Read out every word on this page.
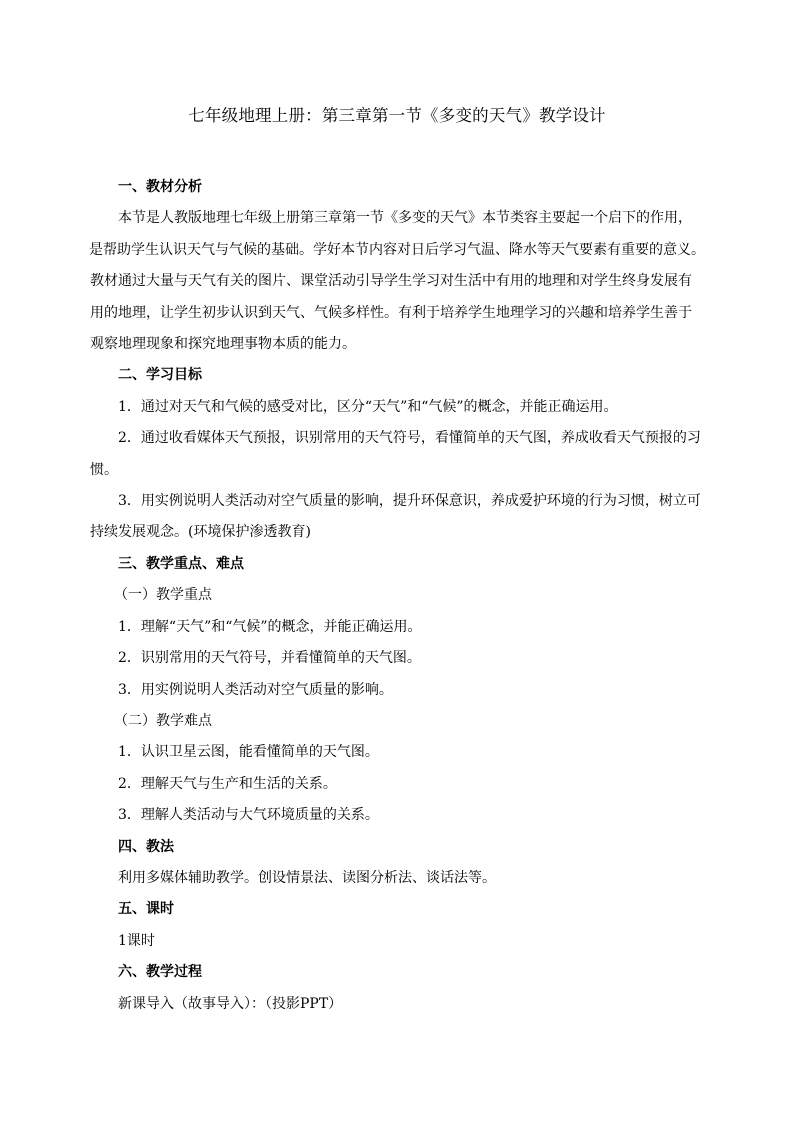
七年级地理上册：第三章第一节《多变的天气》教学设计

一、教材分析

本节是人教版地理七年级上册第三章第一节《多变的天气》本节类容主要起一个启下的作用，

是帮助学生认识天气与气候的基础。学好本节内容对日后学习气温、降水等天气要素有重要的意义。

教材通过大量与天气有关的图片、课堂活动引导学生学习对生活中有用的地理和对学生终身发展有

用的地理，让学生初步认识到天气、气候多样性。有利于培养学生地理学习的兴趣和培养学生善于

观察地理现象和探究地理事物本质的能力。

二、学习目标

1．通过对天气和气候的感受对比，区分“天气”和“气候”的概念，并能正确运用。

2．通过收看媒体天气预报，识别常用的天气符号，看懂简单的天气图，养成收看天气预报的习

惯。

3．用实例说明人类活动对空气质量的影响，提升环保意识，养成爱护环境的行为习惯，树立可

持续发展观念。(环境保护渗透教育)

三、教学重点、难点

（一）教学重点

1．理解“天气”和“气候”的概念，并能正确运用。

2．识别常用的天气符号，并看懂简单的天气图。

3．用实例说明人类活动对空气质量的影响。

（二）教学难点

1．认识卫星云图，能看懂简单的天气图。

2．理解天气与生产和生活的关系。

3．理解人类活动与大气环境质量的关系。

四、教法

利用多媒体辅助教学。创设情景法、读图分析法、谈话法等。

五、课时

1课时

六、教学过程

新课导入（故事导入）：（投影PPT）
